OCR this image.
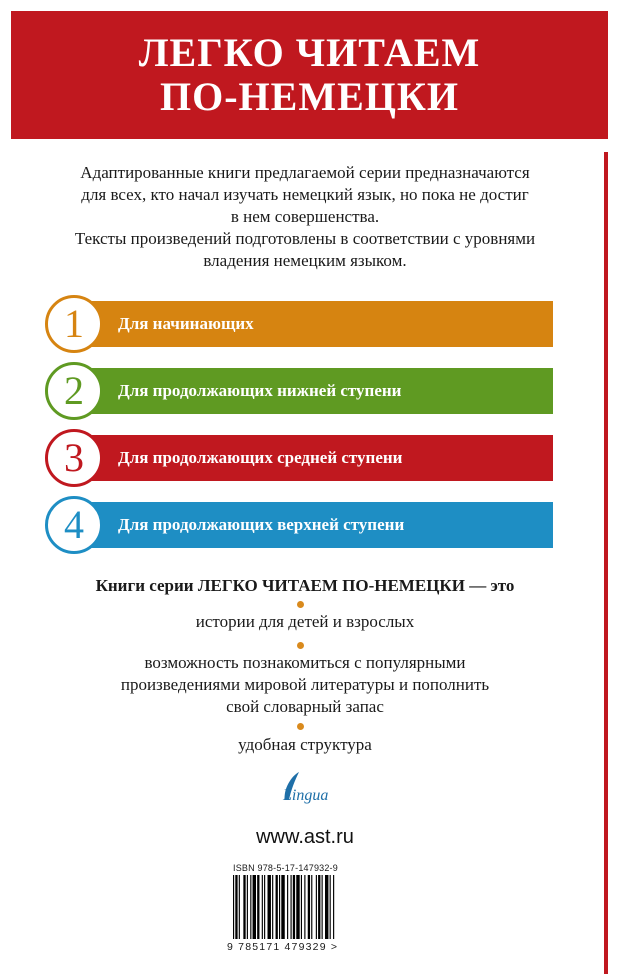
ЛЕГКО ЧИТАЕМ
ПО-НЕМЕЦКИ
Адаптированные книги предлагаемой серии предназначаются
для всех, кто начал изучать немецкий язык, но пока не достиг
в нем совершенства.
Тексты произведений подготовлены в соответствии с уровнями
владения немецким языком.
1	Для начинающих
2	Для продолжающих нижней ступени
3	Для продолжающих средней ступени
4	Для продолжающих верхней ступени
Книги серии ЛЕГКО ЧИТАЕМ ПО-НЕМЕЦКИ — это
истории для детей и взрослых
возможность познакомиться с популярными
произведениями мировой литературы и пополнить
свой словарный запас
удобная структура
Lingua
www.ast.ru
ISBN 978-5-17-147932-9
9 785171 479329 >
